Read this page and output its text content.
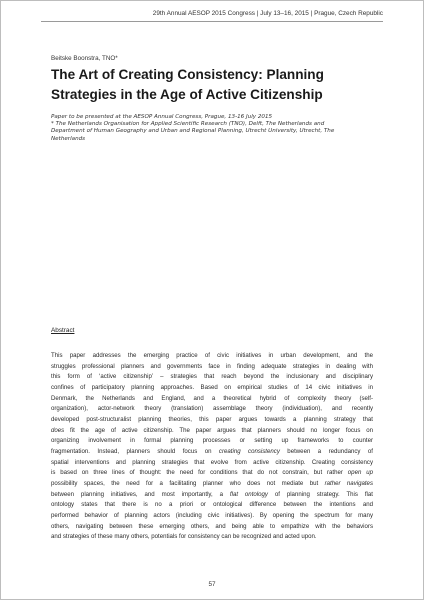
29th Annual AESOP 2015 Congress | July 13–16, 2015 | Prague, Czech Republic
Beitske Boonstra, TNO*
The Art of Creating Consistency: Planning
Strategies in the Age of Active Citizenship
Paper to be presented at the AESOP Annual Congress, Prague, 13-16 July 2015
* The Netherlands Organisation for Applied Scientific Research (TNO), Delft, The Netherlands and
Department of Human Geography and Urban and Regional Planning, Utrecht University, Utrecht, The
Netherlands
Abstract
This paper addresses the emerging practice of civic initiatives in urban development, and the
struggles professional planners and governments face in finding adequate strategies in dealing with
this form of ‘active citizenship’ – strategies that reach beyond the inclusionary and disciplinary
confines of participatory planning approaches. Based on empirical studies of 14 civic initiatives in
Denmark, the Netherlands and England, and a theoretical hybrid of complexity theory (self-
organization), actor-network theory (translation) assemblage theory (individuation), and recently
developed post-structuralist planning theories, this paper argues towards a planning strategy that
does fit the age of active citizenship. The paper argues that planners should no longer focus on
organizing involvement in formal planning processes or setting up frameworks to counter
fragmentation. Instead, planners should focus on creating consistency between a redundancy of
spatial interventions and planning strategies that evolve from active citizenship. Creating consistency
is based on three lines of thought: the need for conditions that do not constrain, but rather open up
possibility spaces, the need for a facilitating planner who does not mediate but rather navigates
between planning initiatives, and most importantly, a flat ontology of planning strategy. This flat
ontology states that there is no a priori or ontological difference between the intentions and
performed behavior of planning actors (including civic initiatives). By opening the spectrum for many
others, navigating between these emerging others, and being able to empathize with the behaviors
and strategies of these many others, potentials for consistency can be recognized and acted upon.
57
